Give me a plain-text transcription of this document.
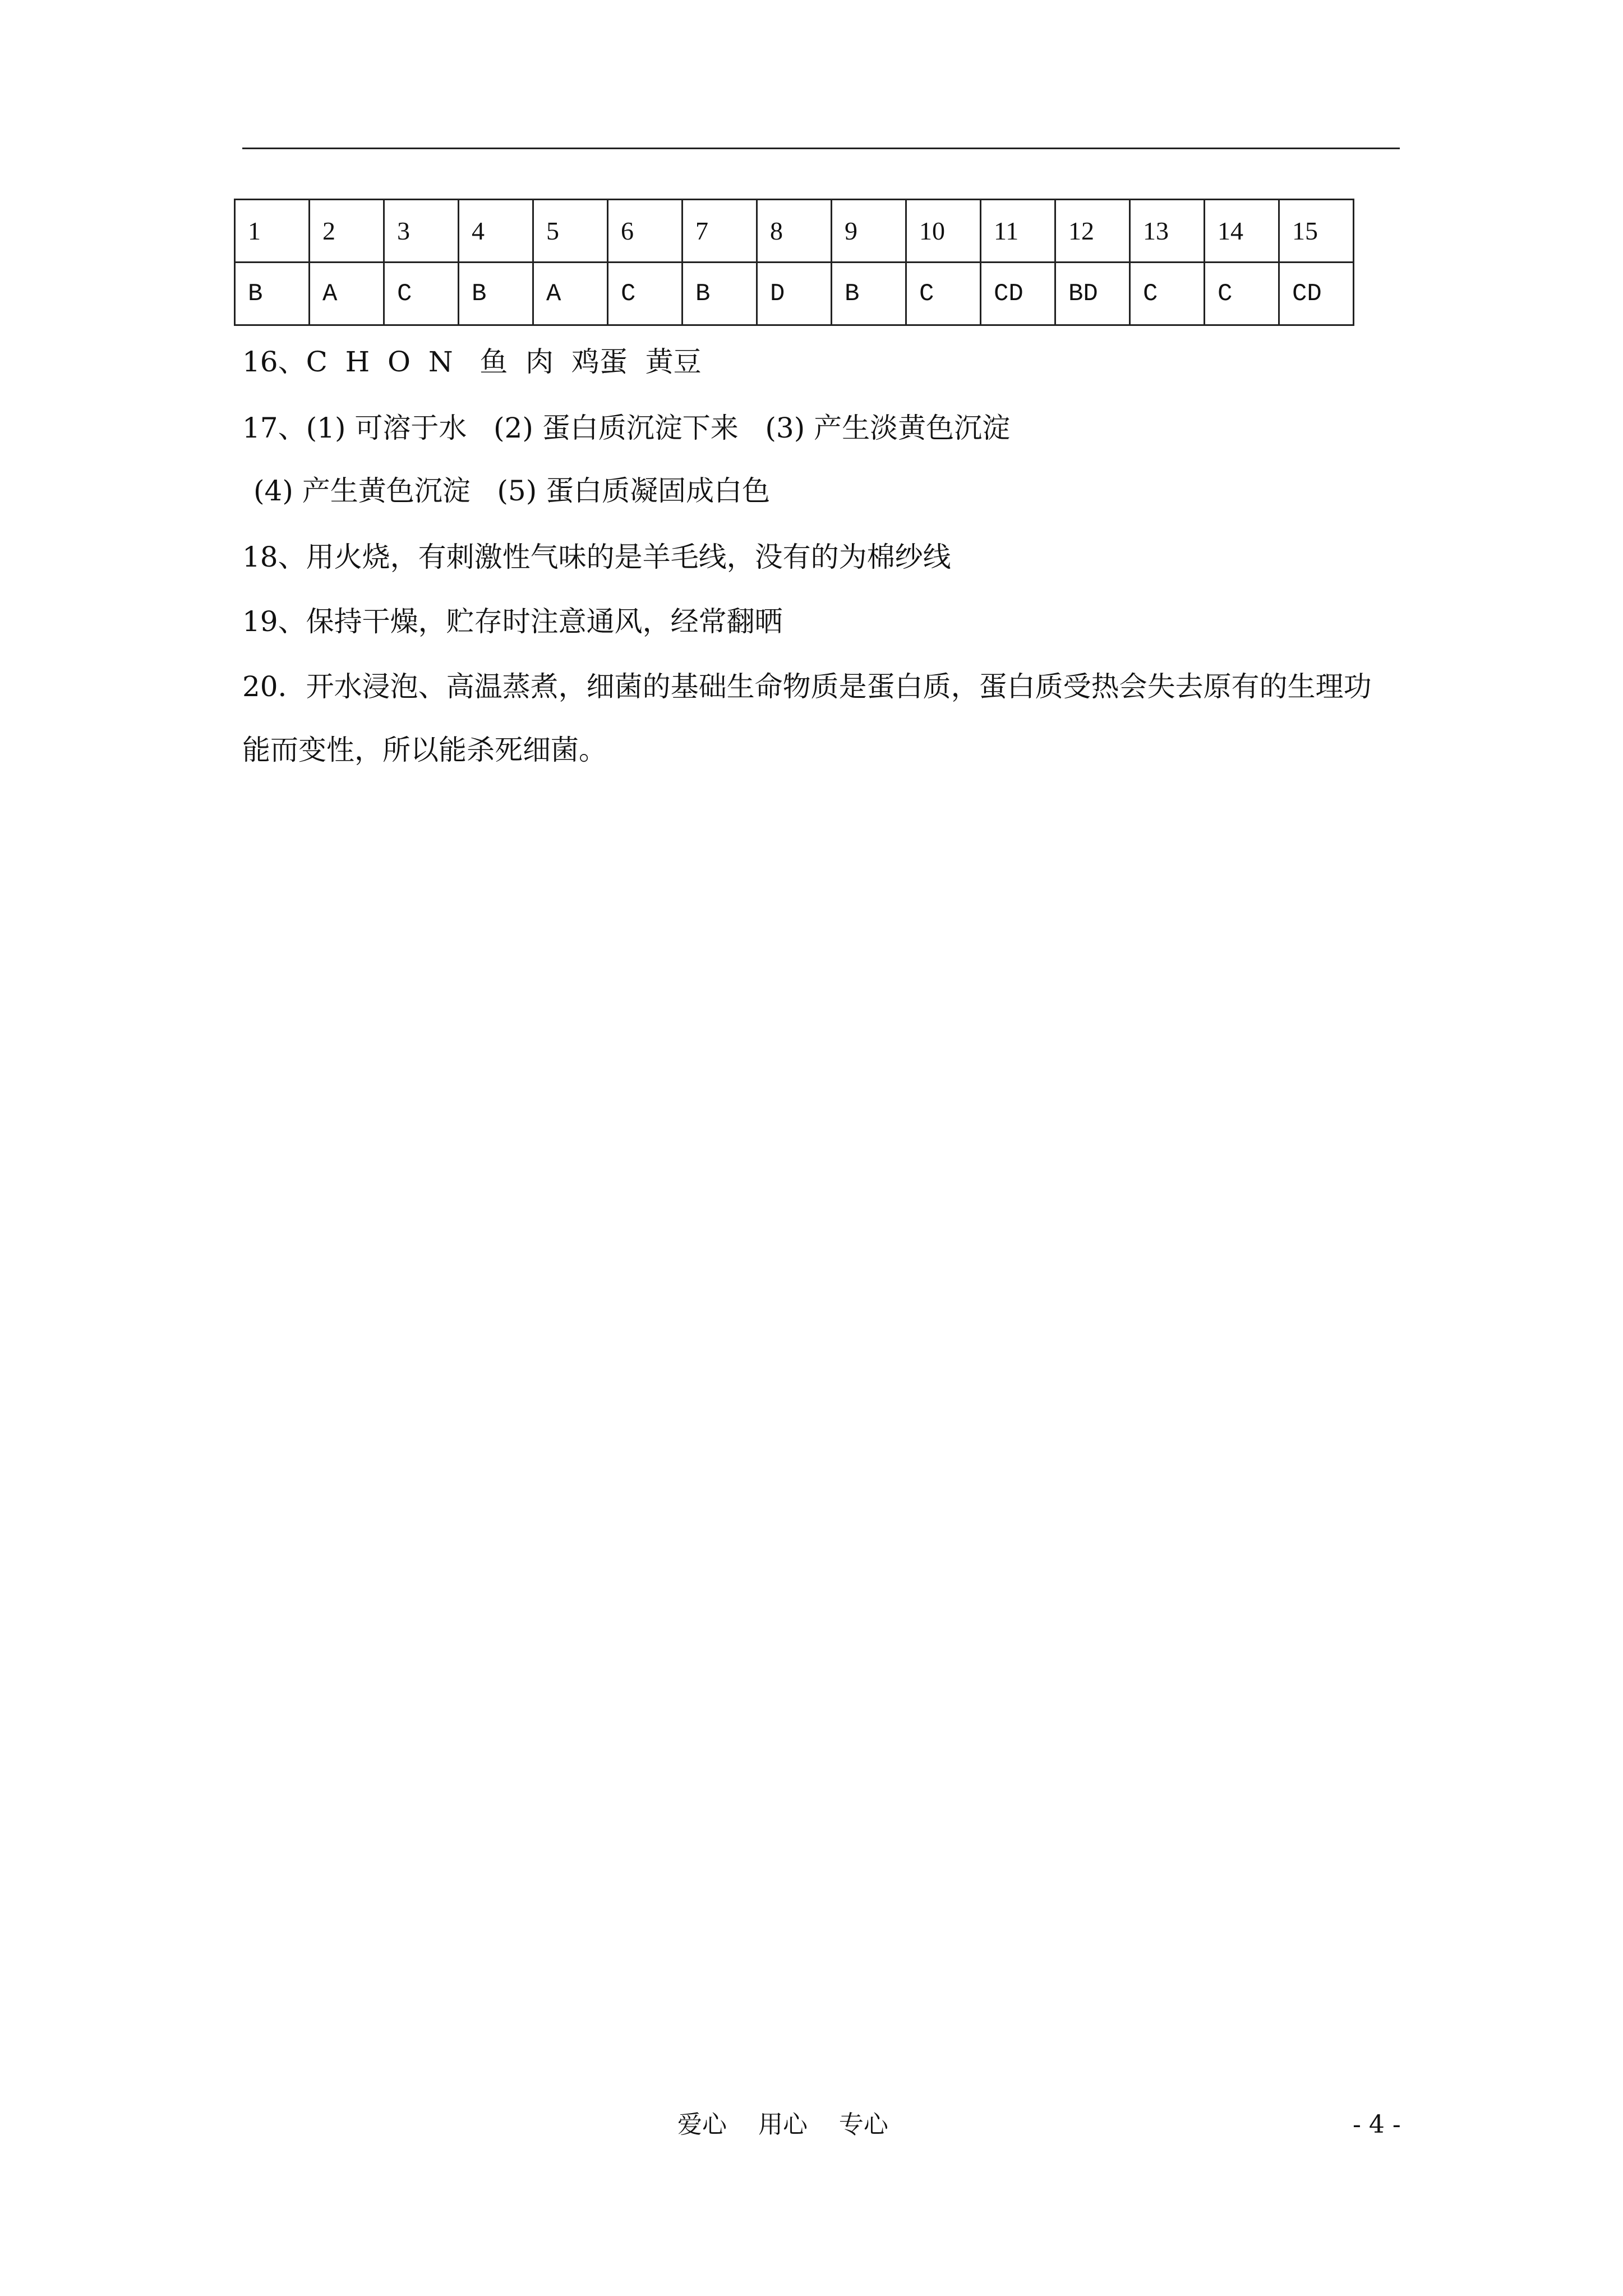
1	2	3	4	5	6	7	8	9	10	11	12	13	14	15
B	A	C	B	A	C	B	D	B	C	CD	BD	C	C	CD
16、C  H  O  N   鱼  肉  鸡蛋  黄豆
17、(1) 可溶于水   (2) 蛋白质沉淀下来   (3) 产生淡黄色沉淀
(4) 产生黄色沉淀   (5) 蛋白质凝固成白色
18、用火烧，有刺激性气味的是羊毛线，没有的为棉纱线
19、保持干燥，贮存时注意通风，经常翻晒
20．开水浸泡、高温蒸煮，细菌的基础生命物质是蛋白质，蛋白质受热会失去原有的生理功
能而变性，所以能杀死细菌。
爱心    用心    专心	- 4 -
